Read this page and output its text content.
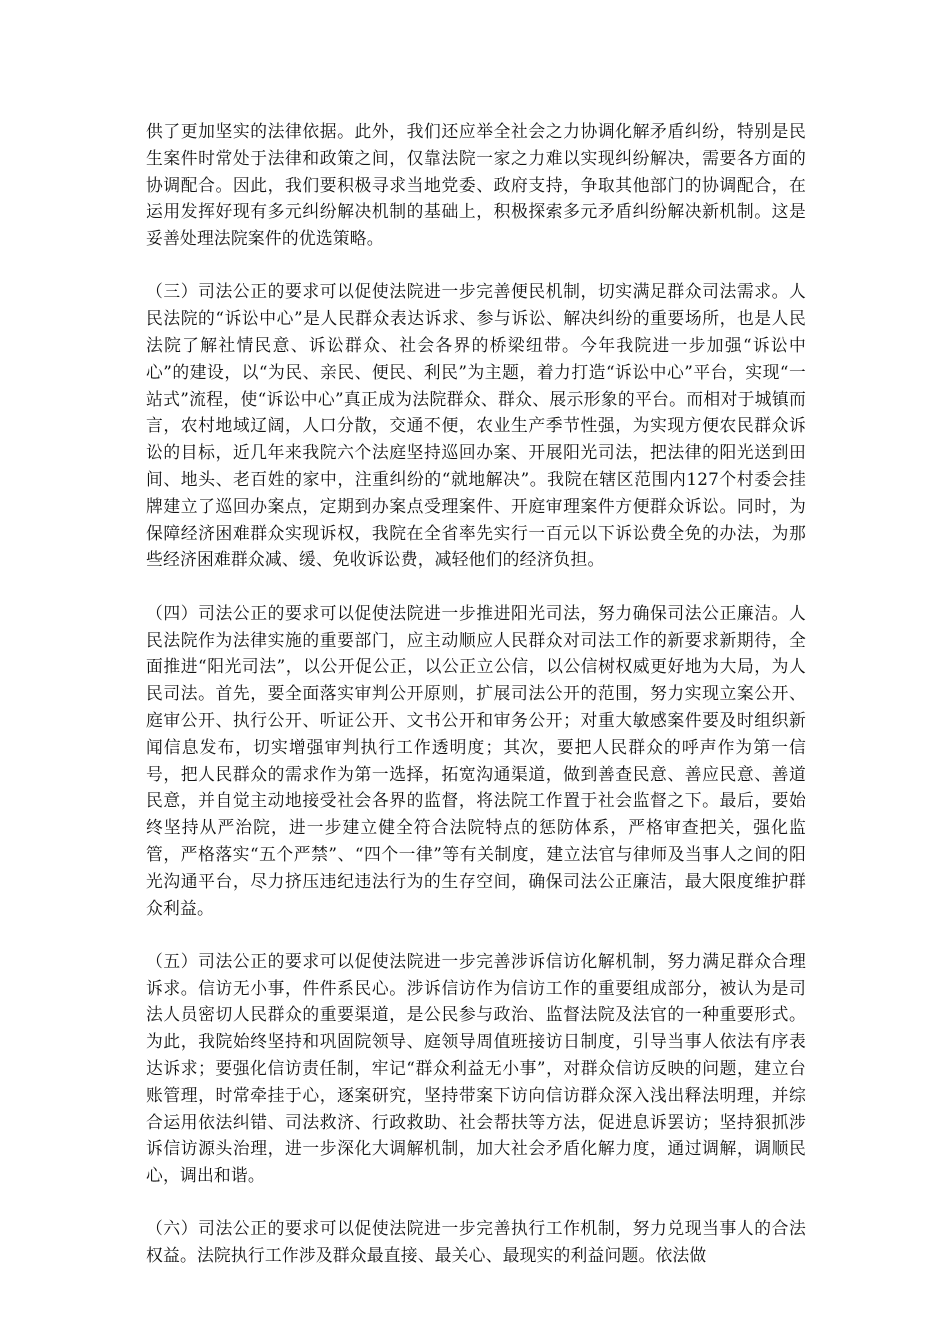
供了更加坚实的法律依据。此外，我们还应举全社会之力协调化解矛盾纠纷，特别是民生案件时常处于法律和政策之间，仅靠法院一家之力难以实现纠纷解决，需要各方面的协调配合。因此，我们要积极寻求当地党委、政府支持，争取其他部门的协调配合，在运用发挥好现有多元纠纷解决机制的基础上，积极探索多元矛盾纠纷解决新机制。这是妥善处理法院案件的优选策略。

（三）司法公正的要求可以促使法院进一步完善便民机制，切实满足群众司法需求。人民法院的“诉讼中心”是人民群众表达诉求、参与诉讼、解决纠纷的重要场所，也是人民法院了解社情民意、诉讼群众、社会各界的桥梁纽带。今年我院进一步加强“诉讼中心”的建设，以“为民、亲民、便民、利民”为主题，着力打造“诉讼中心”平台，实现“一站式”流程，使“诉讼中心”真正成为法院群众、群众、展示形象的平台。而相对于城镇而言，农村地域辽阔，人口分散，交通不便，农业生产季节性强，为实现方便农民群众诉讼的目标，近几年来我院六个法庭坚持巡回办案、开展阳光司法，把法律的阳光送到田间、地头、老百姓的家中，注重纠纷的“就地解决”。我院在辖区范围内127个村委会挂牌建立了巡回办案点，定期到办案点受理案件、开庭审理案件方便群众诉讼。同时，为保障经济困难群众实现诉权，我院在全省率先实行一百元以下诉讼费全免的办法，为那些经济困难群众减、缓、免收诉讼费，减轻他们的经济负担。

（四）司法公正的要求可以促使法院进一步推进阳光司法，努力确保司法公正廉洁。人民法院作为法律实施的重要部门，应主动顺应人民群众对司法工作的新要求新期待，全面推进“阳光司法”，以公开促公正，以公正立公信，以公信树权威更好地为大局，为人民司法。首先，要全面落实审判公开原则，扩展司法公开的范围，努力实现立案公开、庭审公开、执行公开、听证公开、文书公开和审务公开；对重大敏感案件要及时组织新闻信息发布，切实增强审判执行工作透明度；其次，要把人民群众的呼声作为第一信号，把人民群众的需求作为第一选择，拓宽沟通渠道，做到善查民意、善应民意、善道民意，并自觉主动地接受社会各界的监督，将法院工作置于社会监督之下。最后，要始终坚持从严治院，进一步建立健全符合法院特点的惩防体系，严格审查把关，强化监管，严格落实“五个严禁”、“四个一律”等有关制度，建立法官与律师及当事人之间的阳光沟通平台，尽力挤压违纪违法行为的生存空间，确保司法公正廉洁，最大限度维护群众利益。

（五）司法公正的要求可以促使法院进一步完善涉诉信访化解机制，努力满足群众合理诉求。信访无小事，件件系民心。涉诉信访作为信访工作的重要组成部分，被认为是司法人员密切人民群众的重要渠道，是公民参与政治、监督法院及法官的一种重要形式。为此，我院始终坚持和巩固院领导、庭领导周值班接访日制度，引导当事人依法有序表达诉求；要强化信访责任制，牢记“群众利益无小事”，对群众信访反映的问题，建立台账管理，时常牵挂于心，逐案研究，坚持带案下访向信访群众深入浅出释法明理，并综合运用依法纠错、司法救济、行政救助、社会帮扶等方法，促进息诉罢访；坚持狠抓涉诉信访源头治理，进一步深化大调解机制，加大社会矛盾化解力度，通过调解，调顺民心，调出和谐。

（六）司法公正的要求可以促使法院进一步完善执行工作机制，努力兑现当事人的合法权益。法院执行工作涉及群众最直接、最关心、最现实的利益问题。依法做
